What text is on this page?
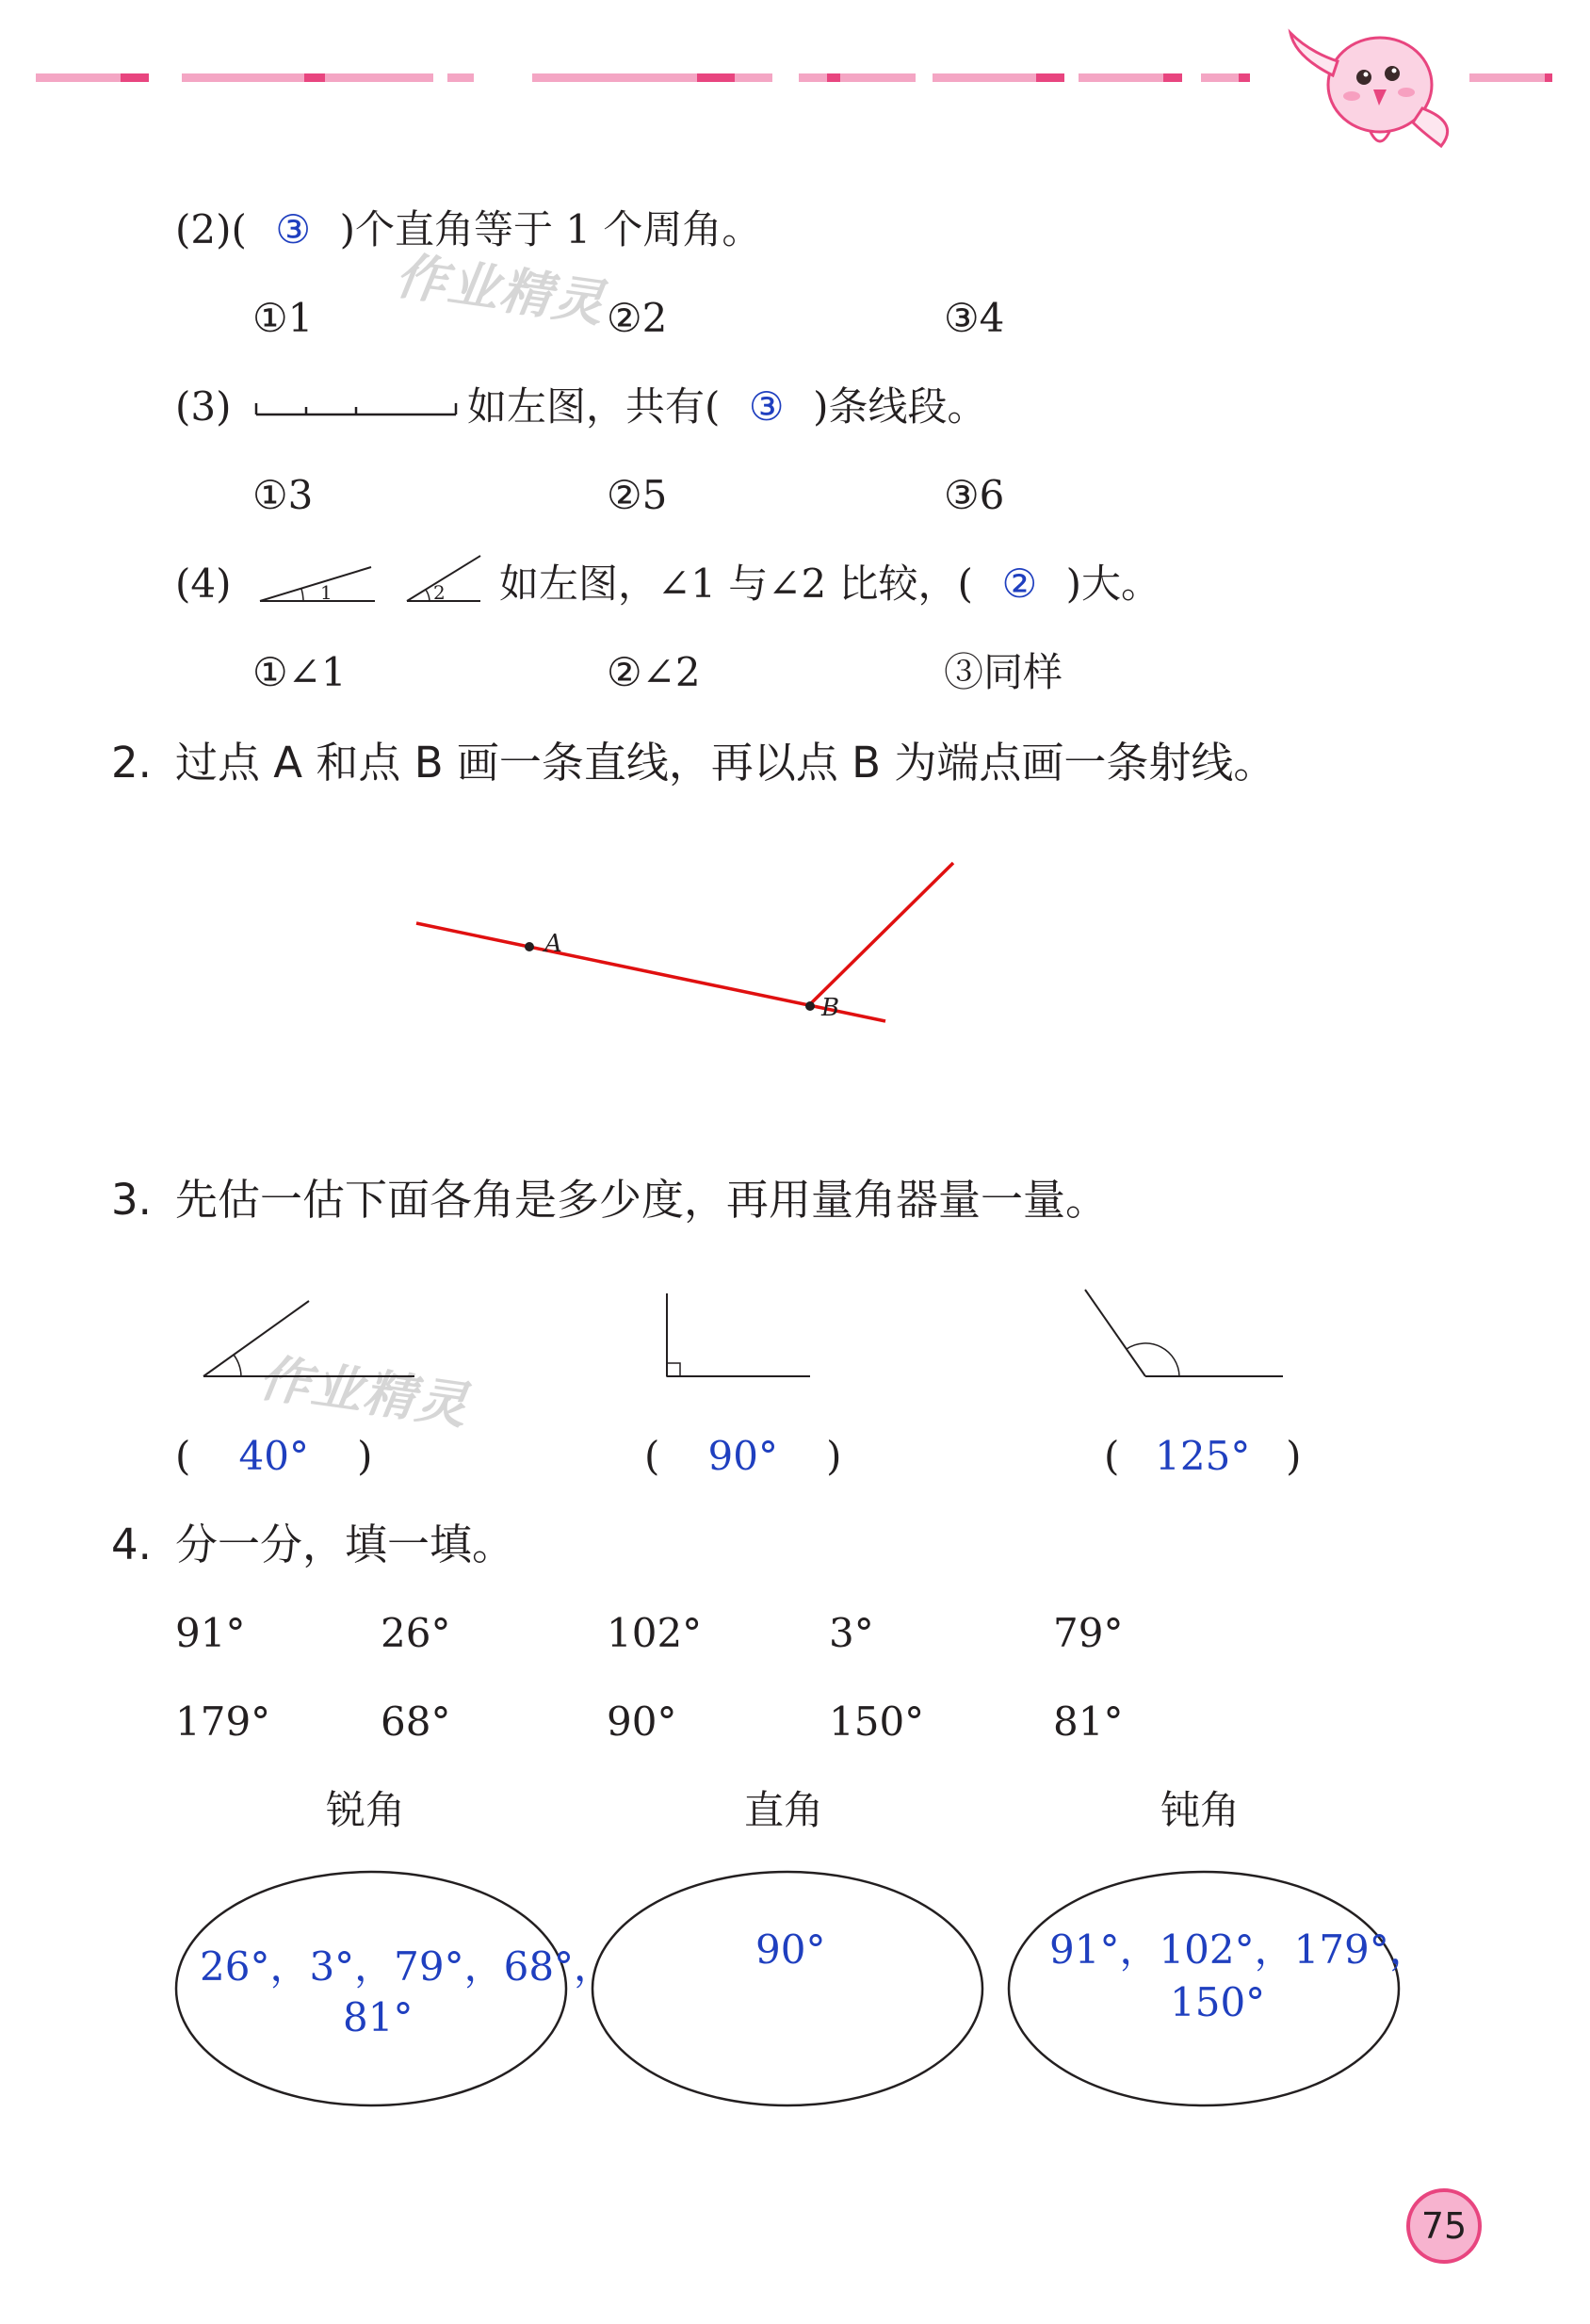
作业精灵
作业精灵
(2)( ③ )个直角等于 1 个周角。
①1	②2	③4
(3)	如左图，共有( ③ )条线段。
①3	②5	③6
(4)	1	2 如左图，∠1 与∠2 比较，( ② )大。
①∠1	②∠2	③同样
2. 过点 A 和点 B 画一条直线，再以点 B 为端点画一条射线。
A
B
3. 先估一估下面各角是多少度，再用量角器量一量。
( 40° )	( 90° )	( 125° )
4. 分一分，填一填。
91°	26°	102°	3°	79°
179°	68°	90°	150°	81°
锐角	直角	钝角
26°，3°，79°，68°，
81°
90°	91°，102°，179°，
150°
75
